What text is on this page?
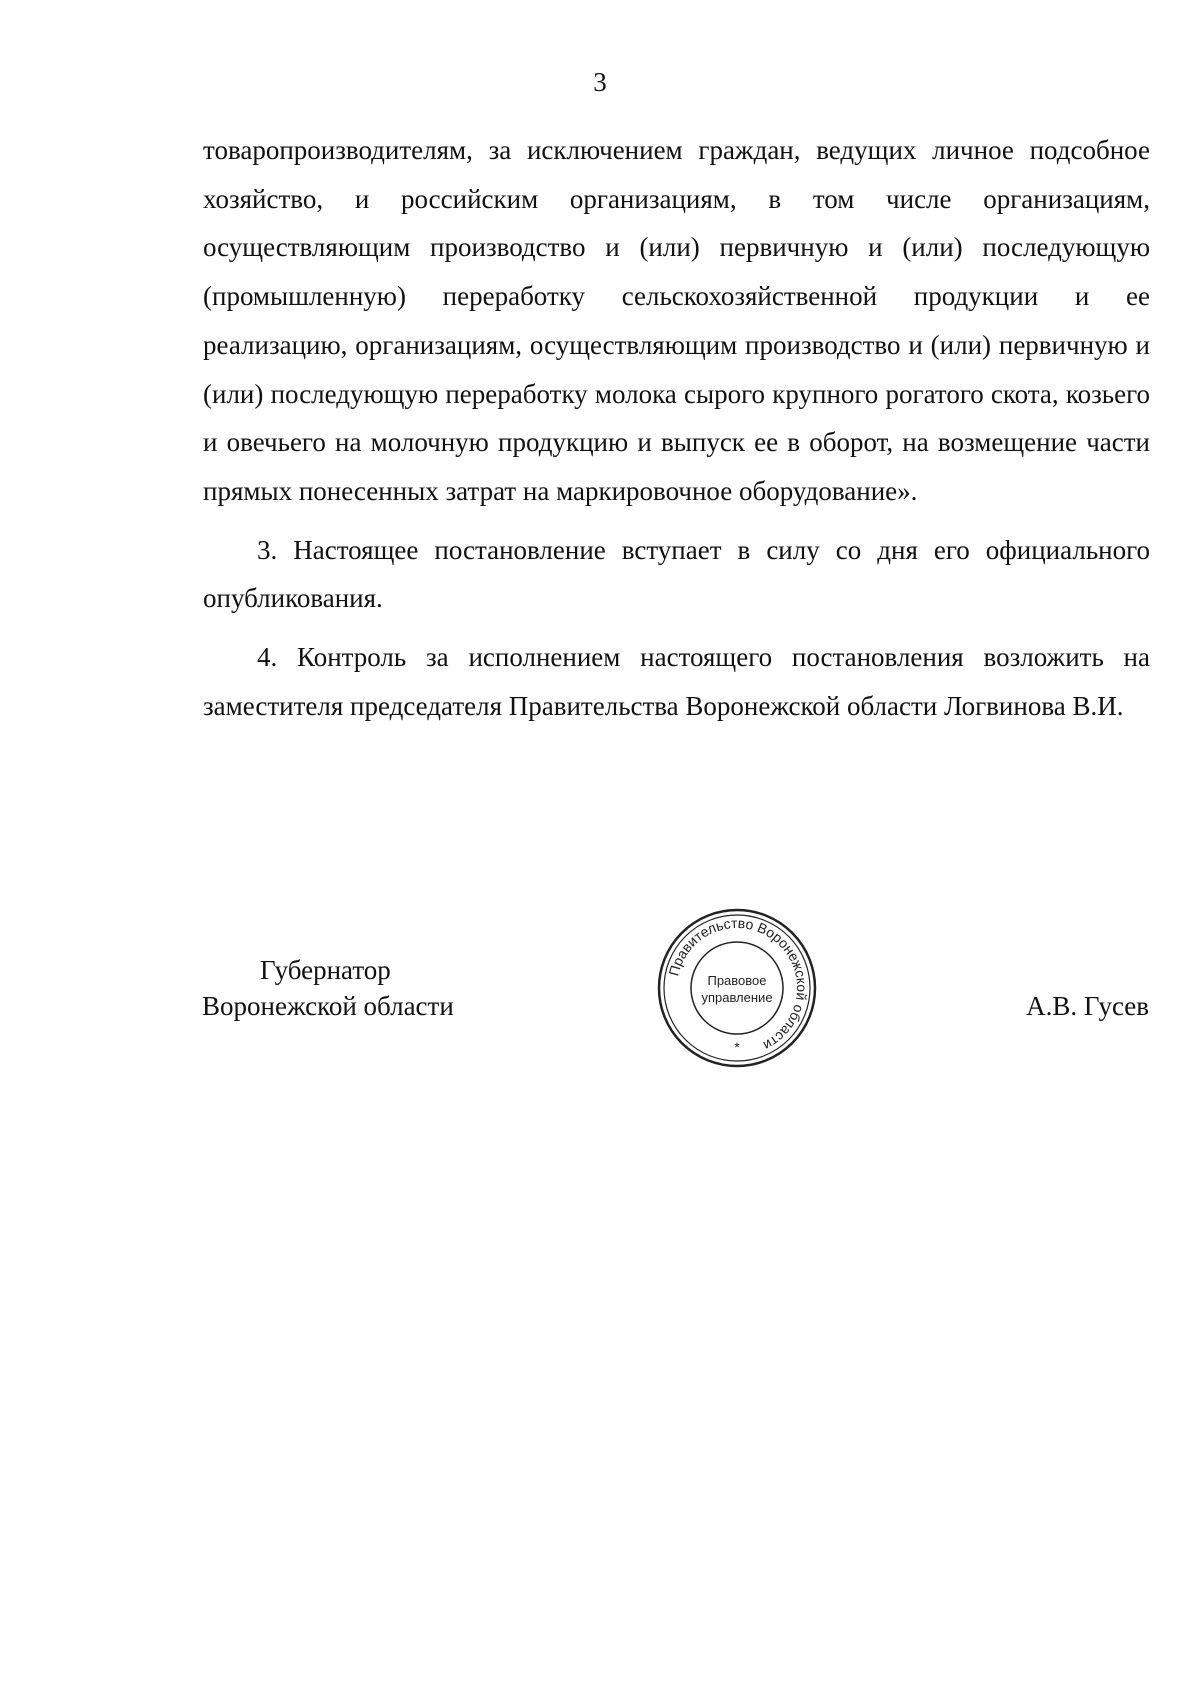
3

товаропроизводителям, за исключением граждан, ведущих личное подсобное хозяйство, и российским организациям, в том числе организациям, осуществляющим производство и (или) первичную и (или) последующую (промышленную) переработку сельскохозяйственной продукции и ее реализацию, организациям, осуществляющим производство и (или) первичную и (или) последующую переработку молока сырого крупного рогатого скота, козьего и овечьего на молочную продукцию и выпуск ее в оборот, на возмещение части прямых понесенных затрат на маркировочное оборудование».

3. Настоящее постановление вступает в силу со дня его официального опубликования.

4. Контроль за исполнением настоящего постановления возложить на заместителя председателя Правительства Воронежской области Логвинова В.И.

Губернатор
Воронежской области
Правительство Воронежской области
Правовое
управление
*
А.В. Гусев
